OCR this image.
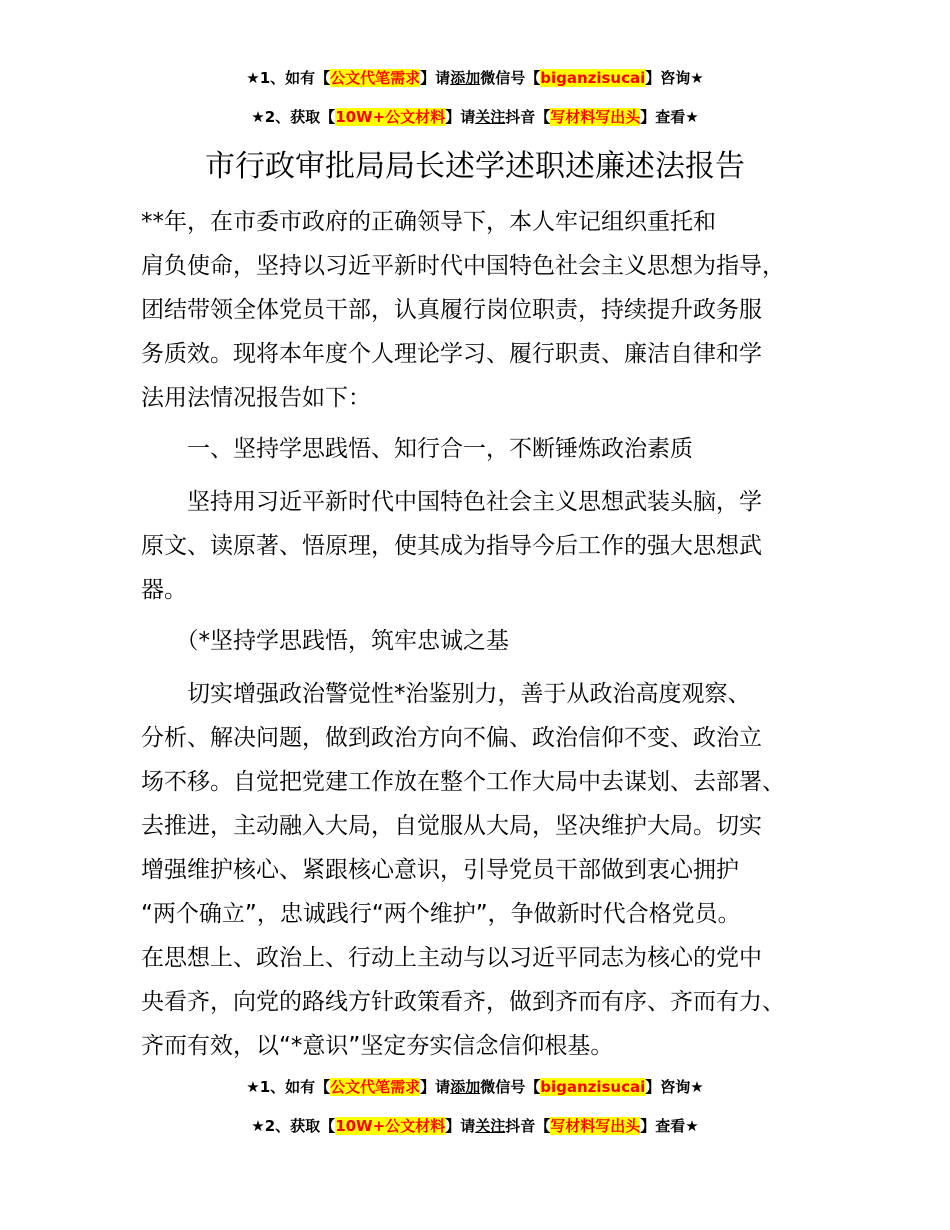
★1、如有【公文代笔需求】请添加微信号【biganzisucai】咨询★
★2、获取【10W+公文材料】请关注抖音【写材料写出头】查看★
市行政审批局局长述学述职述廉述法报告
**年，在市委市政府的正确领导下，本人牢记组织重托和
肩负使命，坚持以习近平新时代中国特色社会主义思想为指导，
团结带领全体党员干部，认真履行岗位职责，持续提升政务服
务质效。现将本年度个人理论学习、履行职责、廉洁自律和学
法用法情况报告如下：
　　一、坚持学思践悟、知行合一，不断锤炼政治素质
　　坚持用习近平新时代中国特色社会主义思想武装头脑，学
原文、读原著、悟原理，使其成为指导今后工作的强大思想武
器。
　　（*坚持学思践悟，筑牢忠诚之基
　　切实增强政治警觉性*治鉴别力，善于从政治高度观察、
分析、解决问题，做到政治方向不偏、政治信仰不变、政治立
场不移。自觉把党建工作放在整个工作大局中去谋划、去部署、
去推进，主动融入大局，自觉服从大局，坚决维护大局。切实
增强维护核心、紧跟核心意识，引导党员干部做到衷心拥护
“两个确立”，忠诚践行“两个维护”，争做新时代合格党员。
在思想上、政治上、行动上主动与以习近平同志为核心的党中
央看齐，向党的路线方针政策看齐，做到齐而有序、齐而有力、
齐而有效，以“*意识”坚定夯实信念信仰根基。
★1、如有【公文代笔需求】请添加微信号【biganzisucai】咨询★
★2、获取【10W+公文材料】请关注抖音【写材料写出头】查看★
